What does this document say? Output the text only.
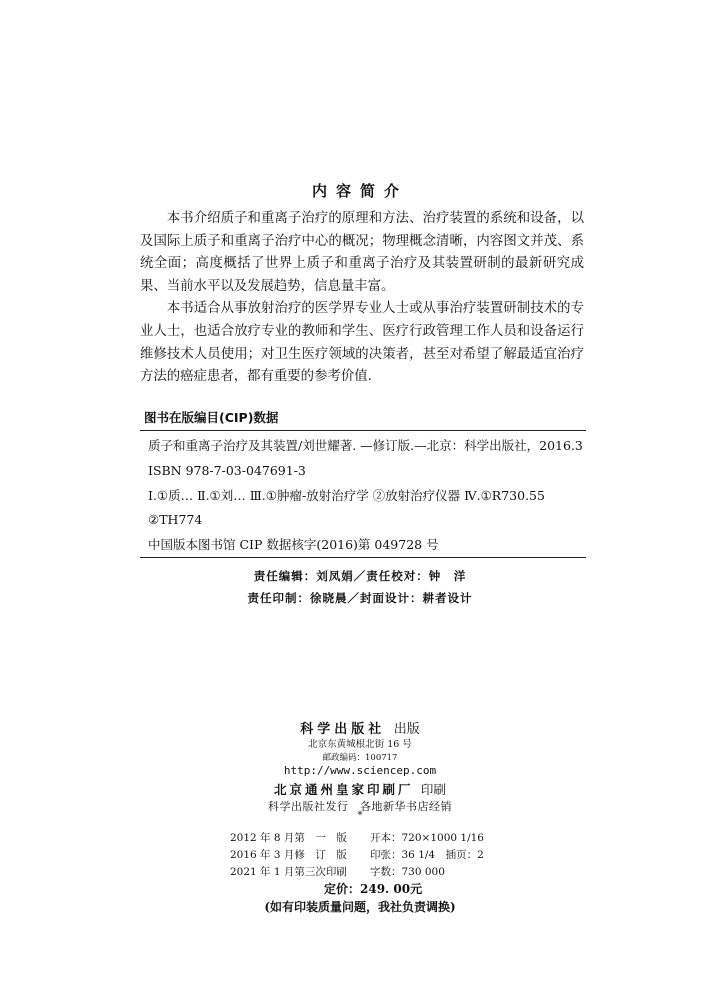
内容简介

本书介绍质子和重离子治疗的原理和方法、治疗装置的系统和设备，以及国际上质子和重离子治疗中心的概况；物理概念清晰，内容图文并茂、系统全面；高度概括了世界上质子和重离子治疗及其装置研制的最新研究成果、当前水平以及发展趋势，信息量丰富。

本书适合从事放射治疗的医学界专业人士或从事治疗装置研制技术的专业人士，也适合放疗专业的教师和学生、医疗行政管理工作人员和设备运行维修技术人员使用；对卫生医疗领域的决策者，甚至对希望了解最适宜治疗方法的癌症患者，都有重要的参考价值.

图书在版编目(CIP)数据
质子和重离子治疗及其装置/刘世耀著. —修订版.—北京：科学出版社，2016.3
ISBN 978-7-03-047691-3
Ⅰ.①质… Ⅱ.①刘… Ⅲ.①肿瘤-放射治疗学 ②放射治疗仪器 Ⅳ.①R730.55
②TH774
中国版本图书馆 CIP 数据核字(2016)第 049728 号
责任编辑：刘凤娟／责任校对：钟　洋
责任印制：徐晓晨／封面设计：耕者设计
科学出版社 出版
北京东黄城根北街 16 号
邮政编码：100717
http://www.sciencep.com
北京通州皇家印刷厂 印刷
科学出版社发行　各地新华书店经销
*
2012 年 8 月第　一　版 开本：720×1000 1/16
2016 年 3 月修　订　版 印张：36 1/4　插页：2
2021 年 1 月第三次印刷 字数：730 000
定价：249. 00元
(如有印装质量问题，我社负责调换)
